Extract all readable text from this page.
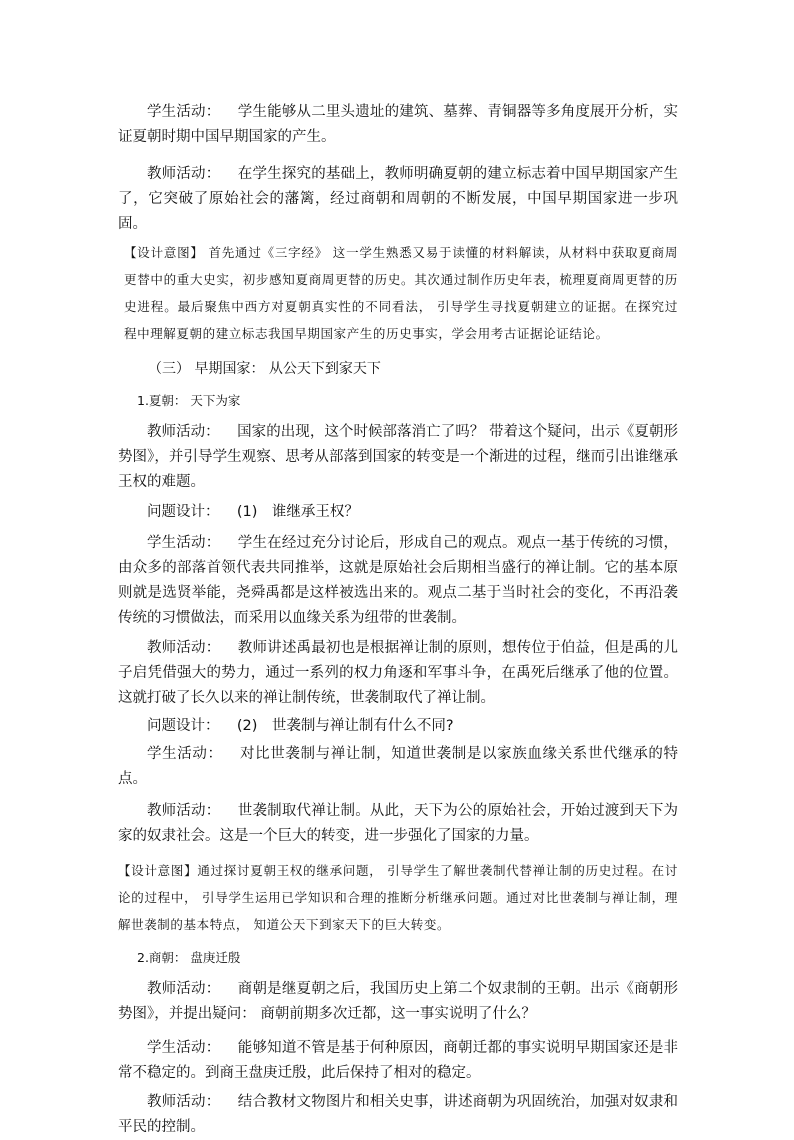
学生活动： 学生能够从二里头遗址的建筑、墓葬、青铜器等多角度展开分析，实证夏朝时期中国早期国家的产生。

教师活动： 在学生探究的基础上，教师明确夏朝的建立标志着中国早期国家产生了，它突破了原始社会的藩篱，经过商朝和周朝的不断发展，中国早期国家进一步巩固。

【设计意图】 首先通过《三字经》 这一学生熟悉又易于读懂的材料解读，从材料中获取夏商周更替中的重大史实，初步感知夏商周更替的历史。其次通过制作历史年表，梳理夏商周更替的历史进程。最后聚焦中西方对夏朝真实性的不同看法， 引导学生寻找夏朝建立的证据。在探究过程中理解夏朝的建立标志我国早期国家产生的历史事实，学会用考古证据论证结论。

（三） 早期国家： 从公天下到家天下

1.夏朝： 天下为家

教师活动： 国家的出现，这个时候部落消亡了吗？ 带着这个疑问，出示《夏朝形势图》，并引导学生观察、思考从部落到国家的转变是一个渐进的过程，继而引出谁继承王权的难题。

问题设计： (1)　谁继承王权？

学生活动： 学生在经过充分讨论后，形成自己的观点。观点一基于传统的习惯，由众多的部落首领代表共同推举，这就是原始社会后期相当盛行的禅让制。它的基本原则就是选贤举能，尧舜禹都是这样被选出来的。观点二基于当时社会的变化，不再沿袭传统的习惯做法，而采用以血缘关系为纽带的世袭制。

教师活动： 教师讲述禹最初也是根据禅让制的原则，想传位于伯益，但是禹的儿子启凭借强大的势力，通过一系列的权力角逐和军事斗争，在禹死后继承了他的位置。这就打破了长久以来的禅让制传统，世袭制取代了禅让制。

问题设计： (2)　世袭制与禅让制有什么不同?

学生活动： 对比世袭制与禅让制，知道世袭制是以家族血缘关系世代继承的特点。

教师活动： 世袭制取代禅让制。从此，天下为公的原始社会，开始过渡到天下为家的奴隶社会。这是一个巨大的转变，进一步强化了国家的力量。

【设计意图】通过探讨夏朝王权的继承问题， 引导学生了解世袭制代替禅让制的历史过程。在讨论的过程中， 引导学生运用已学知识和合理的推断分析继承问题。通过对比世袭制与禅让制，理解世袭制的基本特点， 知道公天下到家天下的巨大转变。

2.商朝： 盘庚迁殷

教师活动： 商朝是继夏朝之后，我国历史上第二个奴隶制的王朝。出示《商朝形势图》，并提出疑问： 商朝前期多次迁都，这一事实说明了什么？

学生活动： 能够知道不管是基于何种原因，商朝迁都的事实说明早期国家还是非常不稳定的。到商王盘庚迁殷，此后保持了相对的稳定。

教师活动： 结合教材文物图片和相关史事，讲述商朝为巩固统治，加强对奴隶和平民的控制。
